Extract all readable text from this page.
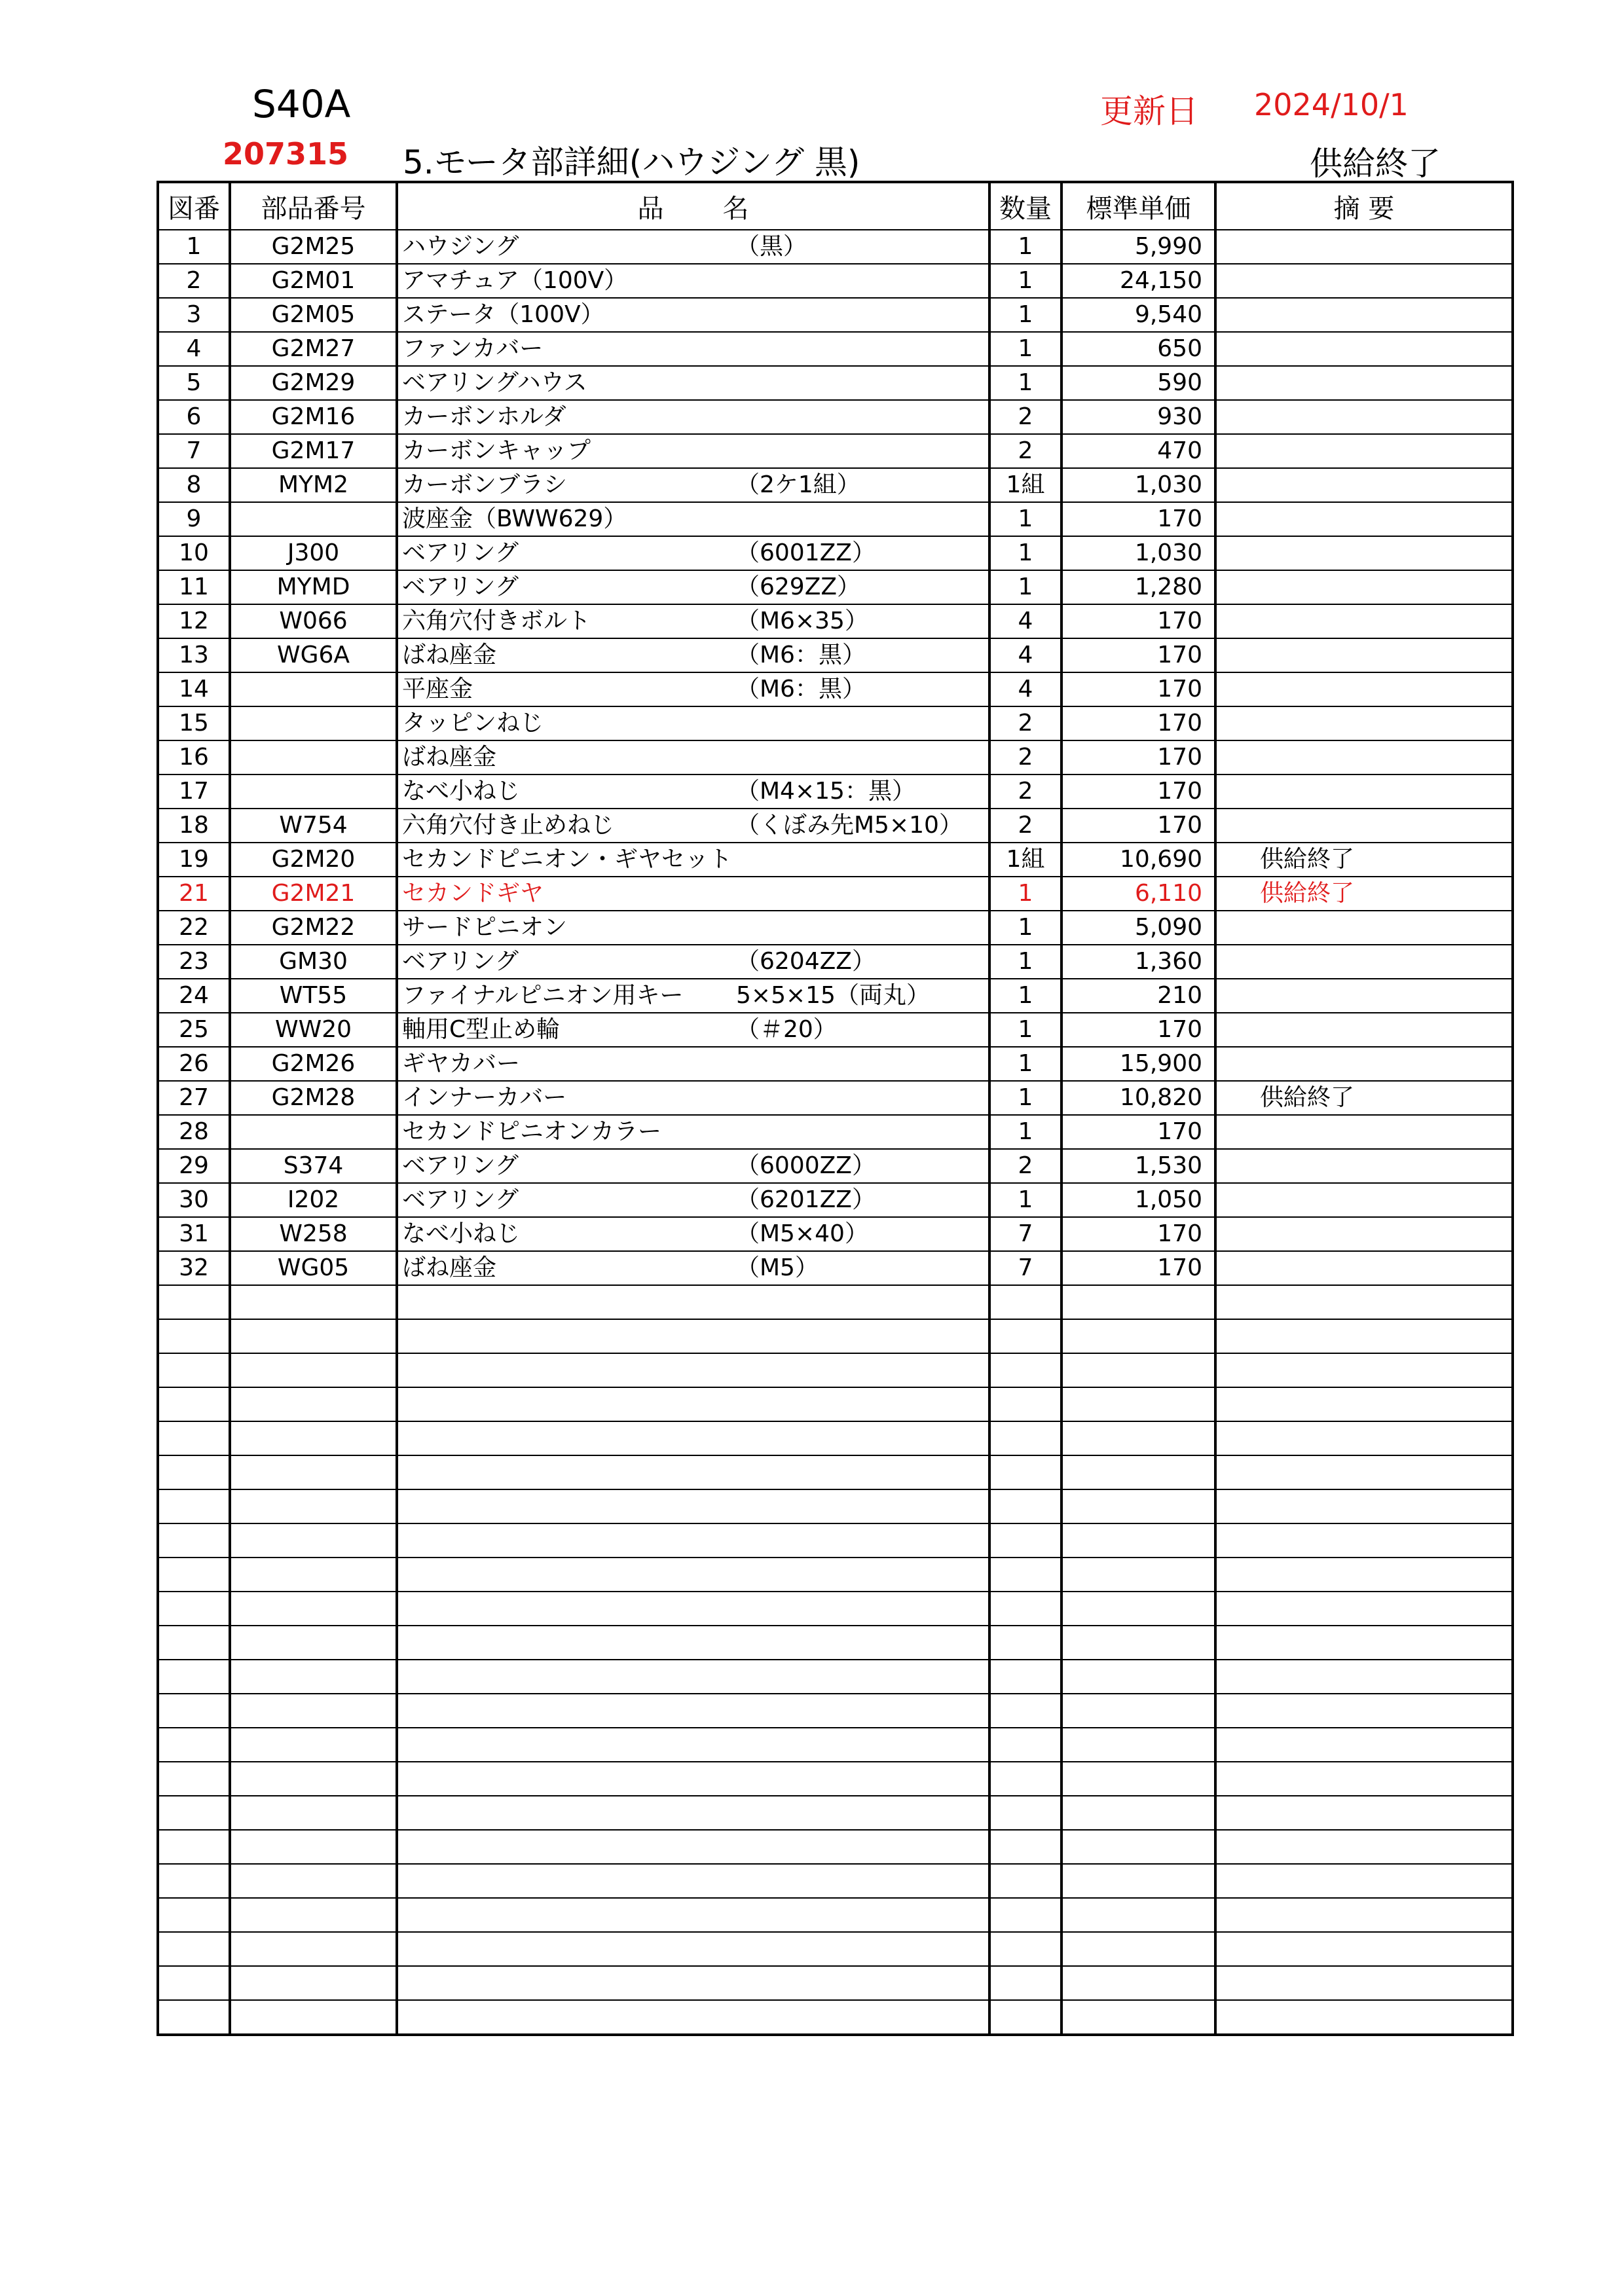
S40A
207315 5.モータ部詳細(ハウジング 黒)
更新日 2024/10/1
供給終了
図番	部品番号	品 名	数量	標準単価	摘 要
1	G2M25	ハウジング （黒）	1	5,990	
2	G2M01	アマチュア（100V）	1	24,150	
3	G2M05	ステータ（100V）	1	9,540	
4	G2M27	ファンカバー	1	650	
5	G2M29	ベアリングハウス	1	590	
6	G2M16	カーボンホルダ	2	930	
7	G2M17	カーボンキャップ	2	470	
8	MYM2	カーボンブラシ （2ケ1組）	1組	1,030	
9		波座金（BWW629）	1	170	
10	J300	ベアリング （6001ZZ）	1	1,030	
11	MYMD	ベアリング （629ZZ）	1	1,280	
12	W066	六角穴付きボルト （M6×35）	4	170	
13	WG6A	ばね座金 （M6：黒）	4	170	
14		平座金 （M6：黒）	4	170	
15		タッピンねじ	2	170	
16		ばね座金	2	170	
17		なべ小ねじ （M4×15：黒）	2	170	
18	W754	六角穴付き止めねじ （くぼみ先M5×10）	2	170	
19	G2M20	セカンドピニオン・ギヤセット	1組	10,690	供給終了
21	G2M21	セカンドギヤ	1	6,110	供給終了
22	G2M22	サードピニオン	1	5,090	
23	GM30	ベアリング （6204ZZ）	1	1,360	
24	WT55	ファイナルピニオン用キー 5×5×15（両丸）	1	210	
25	WW20	軸用C型止め輪 （＃20）	1	170	
26	G2M26	ギヤカバー	1	15,900	
27	G2M28	インナーカバー	1	10,820	供給終了
28		セカンドピニオンカラー	1	170	
29	S374	ベアリング （6000ZZ）	2	1,530	
30	I202	ベアリング （6201ZZ）	1	1,050	
31	W258	なべ小ねじ （M5×40）	7	170	
32	WG05	ばね座金 （M5）	7	170	
